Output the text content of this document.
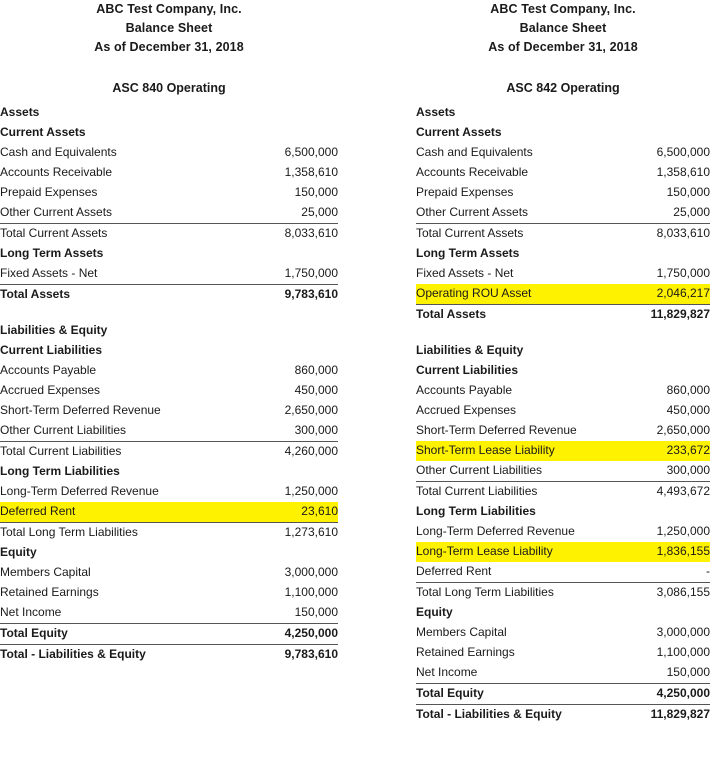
ABC Test Company, Inc.
Balance Sheet
As of December 31, 2018
ASC 840 Operating
Assets	
Current Assets	
Cash and Equivalents	6,500,000
Accounts Receivable	1,358,610
Prepaid Expenses	150,000
Other Current Assets	25,000
Total Current Assets	8,033,610
Long Term Assets	
Fixed Assets - Net	1,750,000
Total Assets	9,783,610

Liabilities & Equity	
Current Liabilities	
Accounts Payable	860,000
Accrued Expenses	450,000
Short-Term Deferred Revenue	2,650,000
Other Current Liabilities	300,000
Total Current Liabilities	4,260,000
Long Term Liabilities	
Long-Term Deferred Revenue	1,250,000
Deferred Rent	23,610
Total Long Term Liabilities	1,273,610
Equity	
Members Capital	3,000,000
Retained Earnings	1,100,000
Net Income	150,000
Total Equity	4,250,000
Total - Liabilities & Equity	9,783,610
ABC Test Company, Inc.
Balance Sheet
As of December 31, 2018
ASC 842 Operating
Assets	
Current Assets	
Cash and Equivalents	6,500,000
Accounts Receivable	1,358,610
Prepaid Expenses	150,000
Other Current Assets	25,000
Total Current Assets	8,033,610
Long Term Assets	
Fixed Assets - Net	1,750,000
Operating ROU Asset	2,046,217
Total Assets	11,829,827

Liabilities & Equity	
Current Liabilities	
Accounts Payable	860,000
Accrued Expenses	450,000
Short-Term Deferred Revenue	2,650,000
Short-Term Lease Liability	233,672
Other Current Liabilities	300,000
Total Current Liabilities	4,493,672
Long Term Liabilities	
Long-Term Deferred Revenue	1,250,000
Long-Term Lease Liability	1,836,155
Deferred Rent	-
Total Long Term Liabilities	3,086,155
Equity	
Members Capital	3,000,000
Retained Earnings	1,100,000
Net Income	150,000
Total Equity	4,250,000
Total - Liabilities & Equity	11,829,827
